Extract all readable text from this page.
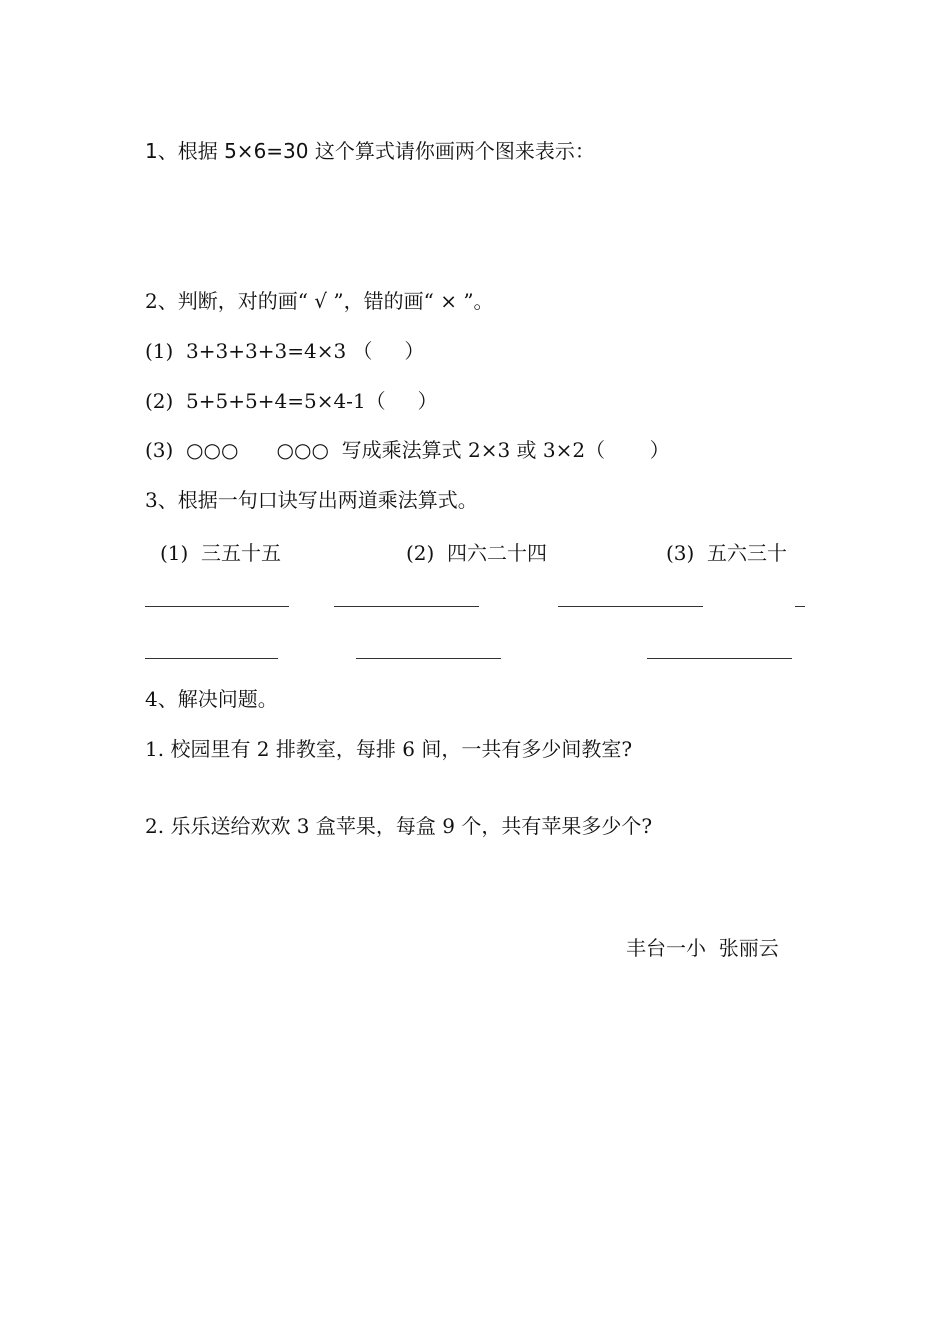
1、根据 5×6=30 这个算式请你画两个图来表示：
2、判断，对的画“ √ ”，错的画“ × ”。
(1)  3+3+3+3=4×3 （     ）
(2)  5+5+5+4=5×4-1（     ）
(3)  ○○○      ○○○  写成乘法算式 2×3 或 3×2（       ）
3、根据一句口诀写出两道乘法算式。
(1)  三五十五	(2)  四六二十四	(3)  五六三十
4、解决问题。
1. 校园里有 2 排教室，每排 6 间，一共有多少间教室?
2. 乐乐送给欢欢 3 盒苹果，每盒 9 个，共有苹果多少个?
丰台一小  张丽云
